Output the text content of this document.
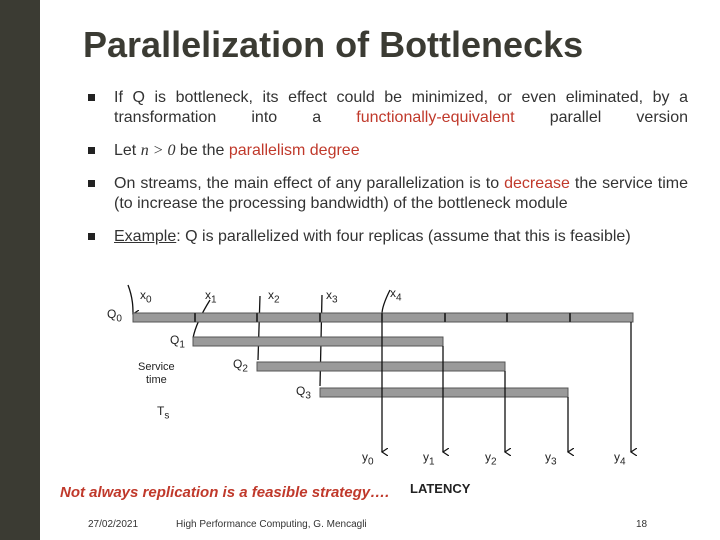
Parallelization of Bottlenecks
If Q is bottleneck, its effect could be minimized, or even eliminated, by a transformation into a functionally-equivalent parallel version
Let n > 0 be the parallelism degree
On streams, the main effect of any parallelization is to decrease the service time (to increase the processing bandwidth) of the bottleneck module
Example: Q is parallelized with four replicas (assume that this is feasible)
$x_0$	$x_1$	$x_2$	$x_3$	$x_4$
$Q_0$
$Q_1$
$Q_2$
$Q_3$
Service
time
$T_s$
$y_0$	$y_1$	$y_2$	$y_3$	$y_4$
Not always replication is a feasible strategy…. LATENCY
27/02/2021	High Performance Computing, G. Mencagli	18
